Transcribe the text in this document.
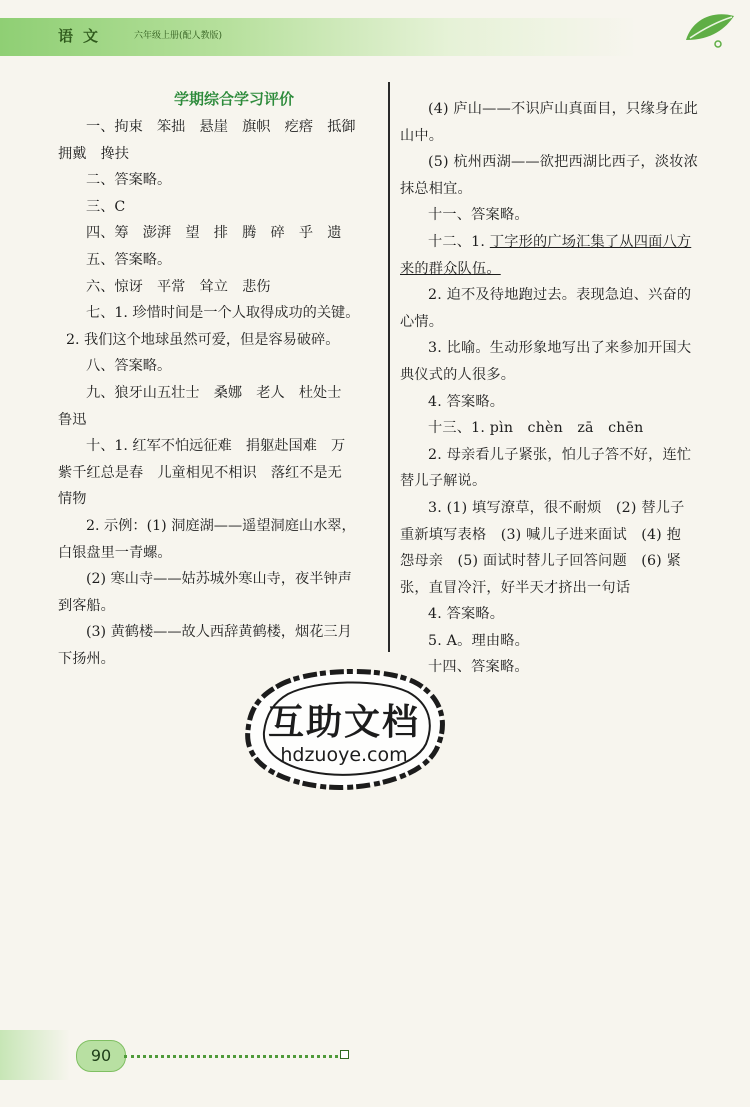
语文	六年级上册(配人教版)
学期综合学习评价
一、拘束　笨拙　悬崖　旗帜　疙瘩　抵御
拥戴　搀扶
二、答案略。
三、C
四、筹　澎湃　望　排　腾　碎　乎　遗
五、答案略。
六、惊讶　平常　耸立　悲伤
七、1. 珍惜时间是一个人取得成功的关键。
2. 我们这个地球虽然可爱，但是容易破碎。
八、答案略。
九、狼牙山五壮士　桑娜　老人　杜处士
鲁迅
十、1. 红军不怕远征难　捐躯赴国难　万
紫千红总是春　儿童相见不相识　落红不是无
情物
2. 示例：(1) 洞庭湖——遥望洞庭山水翠，
白银盘里一青螺。
(2) 寒山寺——姑苏城外寒山寺，夜半钟声
到客船。
(3) 黄鹤楼——故人西辞黄鹤楼，烟花三月
下扬州。
(4) 庐山——不识庐山真面目，只缘身在此
山中。
(5) 杭州西湖——欲把西湖比西子，淡妆浓
抹总相宜。
十一、答案略。
十二、1. 丁字形的广场汇集了从四面八方
来的群众队伍。
2. 迫不及待地跑过去。表现急迫、兴奋的
心情。
3. 比喻。生动形象地写出了来参加开国大
典仪式的人很多。
4. 答案略。
十三、1. pìn　chèn　zā　chēn
2. 母亲看儿子紧张，怕儿子答不好，连忙
替儿子解说。
3. (1) 填写潦草，很不耐烦　(2) 替儿子
重新填写表格　(3) 喊儿子进来面试　(4) 抱
怨母亲　(5) 面试时替儿子回答问题　(6) 紧
张，直冒冷汗，好半天才挤出一句话
4. 答案略。
5. A。理由略。
十四、答案略。
互助文档
hdzuoye.com
90
